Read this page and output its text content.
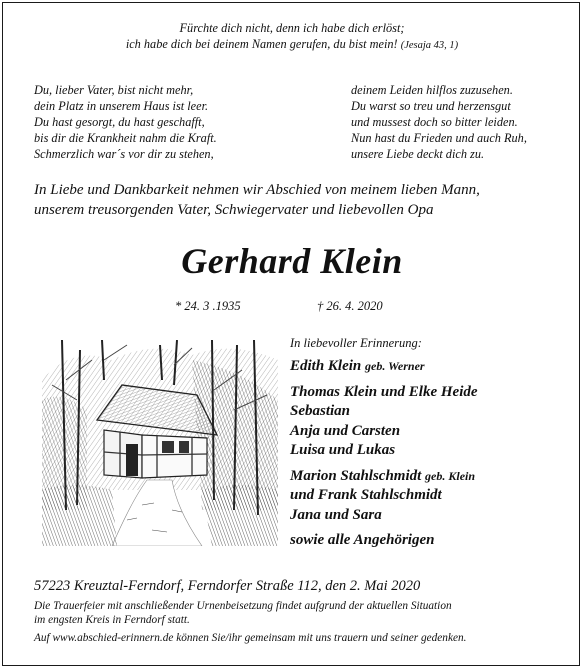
Fürchte dich nicht, denn ich habe dich erlöst;
ich habe dich bei deinem Namen gerufen, du bist mein! (Jesaja 43, 1)
Du, lieber Vater, bist nicht mehr,
dein Platz in unserem Haus ist leer.
Du hast gesorgt, du hast geschafft,
bis dir die Krankheit nahm die Kraft.
Schmerzlich war´s vor dir zu stehen,
deinem Leiden hilflos zuzusehen.
Du warst so treu und herzensgut
und mussest doch so bitter leiden.
Nun hast du Frieden und auch Ruh,
unsere Liebe deckt dich zu.
In Liebe und Dankbarkeit nehmen wir Abschied von meinem lieben Mann,
unserem treusorgenden Vater, Schwiegervater und liebevollen Opa
Gerhard Klein
* 24. 3 .1935	† 26. 4. 2020
In liebevoller Erinnerung:
Edith Klein geb. Werner
Thomas Klein und Elke Heide
Sebastian
Anja und Carsten
Luisa und Lukas
Marion Stahlschmidt geb. Klein
und Frank Stahlschmidt
Jana und Sara
sowie alle Angehörigen
57223 Kreuztal-Ferndorf, Ferndorfer Straße 112, den 2. Mai 2020
Die Trauerfeier mit anschließender Urnenbeisetzung findet aufgrund der aktuellen Situation
im engsten Kreis in Ferndorf statt.
Auf www.abschied-erinnern.de können Sie/ihr gemeinsam mit uns trauern und seiner gedenken.
